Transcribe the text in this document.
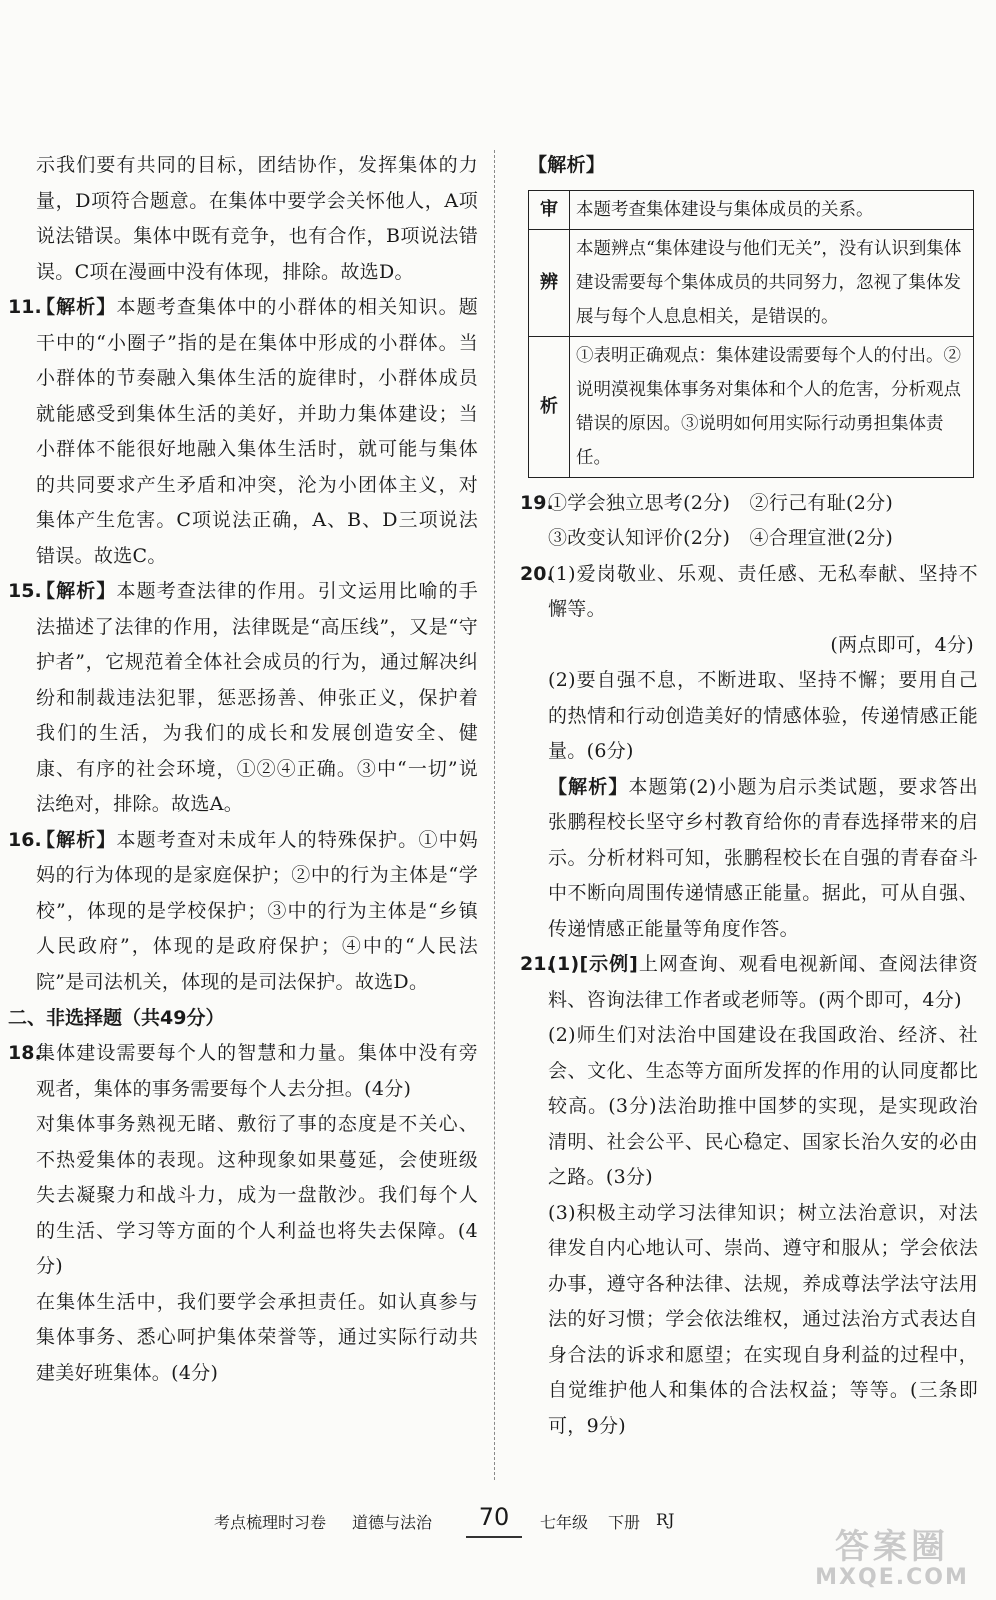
示我们要有共同的目标，团结协作，发挥集体的力量，D项符合题意。在集体中要学会关怀他人，A项说法错误。集体中既有竞争，也有合作，B项说法错误。C项在漫画中没有体现，排除。故选D。

11.

【解析】本题考查集体中的小群体的相关知识。题干中的“小圈子”指的是在集体中形成的小群体。当小群体的节奏融入集体生活的旋律时，小群体成员就能感受到集体生活的美好，并助力集体建设；当小群体不能很好地融入集体生活时，就可能与集体的共同要求产生矛盾和冲突，沦为小团体主义，对集体产生危害。C项说法正确，A、B、D三项说法错误。故选C。

15.

【解析】本题考查法律的作用。引文运用比喻的手法描述了法律的作用，法律既是“高压线”，又是“守护者”，它规范着全体社会成员的行为，通过解决纠纷和制裁违法犯罪，惩恶扬善、伸张正义，保护着我们的生活，为我们的成长和发展创造安全、健康、有序的社会环境，①②④正确。③中“一切”说法绝对，排除。故选A。

16.

【解析】本题考查对未成年人的特殊保护。①中妈妈的行为体现的是家庭保护；②中的行为主体是“学校”，体现的是学校保护；③中的行为主体是“乡镇人民政府”，体现的是政府保护；④中的“人民法院”是司法机关，体现的是司法保护。故选D。

二、非选择题（共49分）

18.

集体建设需要每个人的智慧和力量。集体中没有旁观者，集体的事务需要每个人去分担。(4分)

对集体事务熟视无睹、敷衍了事的态度是不关心、不热爱集体的表现。这种现象如果蔓延，会使班级失去凝聚力和战斗力，成为一盘散沙。我们每个人的生活、学习等方面的个人利益也将失去保障。(4分)

在集体生活中，我们要学会承担责任。如认真参与集体事务、悉心呵护集体荣誉等，通过实际行动共建美好班集体。(4分)

【解析】

审	本题考查集体建设与集体成员的关系。
辨	本题辨点“集体建设与他们无关”，没有认识到集体建设需要每个集体成员的共同努力，忽视了集体发展与每个人息息相关，是错误的。
析	①表明正确观点：集体建设需要每个人的付出。②说明漠视集体事务对集体和个人的危害，分析观点错误的原因。③说明如何用实际行动勇担集体责任。
19.

①学会独立思考(2分)　②行己有耻(2分)

③改变认知评价(2分)　④合理宣泄(2分)

20.

(1)爱岗敬业、乐观、责任感、无私奉献、坚持不懈等。

(两点即可，4分)

(2)要自强不息，不断进取、坚持不懈；要用自己的热情和行动创造美好的情感体验，传递情感正能量。(6分)

【解析】本题第(2)小题为启示类试题，要求答出张鹏程校长坚守乡村教育给你的青春选择带来的启示。分析材料可知，张鹏程校长在自强的青春奋斗中不断向周围传递情感正能量。据此，可从自强、传递情感正能量等角度作答。

21.

(1)[示例]上网查询、观看电视新闻、查阅法律资料、咨询法律工作者或老师等。(两个即可，4分)

(2)师生们对法治中国建设在我国政治、经济、社会、文化、生态等方面所发挥的作用的认同度都比较高。(3分)法治助推中国梦的实现，是实现政治清明、社会公平、民心稳定、国家长治久安的必由之路。(3分)

(3)积极主动学习法律知识；树立法治意识，对法律发自内心地认可、崇尚、遵守和服从；学会依法办事，遵守各种法律、法规，养成尊法学法守法用法的好习惯；学会依法维权，通过法治方式表达自身合法的诉求和愿望；在实现自身利益的过程中，自觉维护他人和集体的合法权益；等等。(三条即可，9分)

考点梳理时习卷 道德与法治	70	七年级 下册 RJ
答案圈
MXQE.COM
